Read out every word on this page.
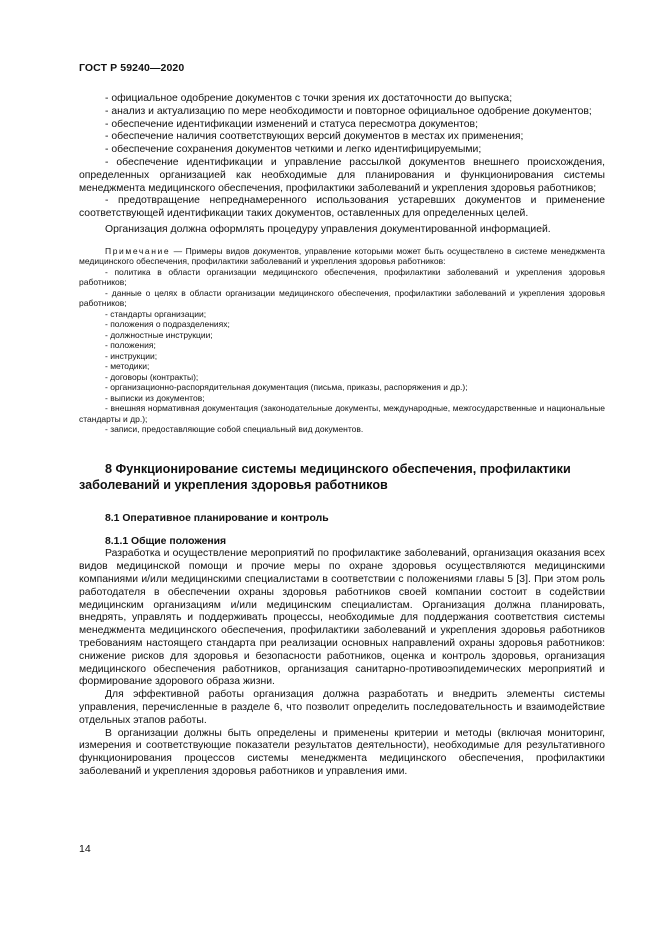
ГОСТ Р 59240—2020

- официальное одобрение документов с точки зрения их достаточности до выпуска;

- анализ и актуализацию по мере необходимости и повторное официальное одобрение документов;

- обеспечение идентификации изменений и статуса пересмотра документов;

- обеспечение наличия соответствующих версий документов в местах их применения;

- обеспечение сохранения документов четкими и легко идентифицируемыми;

- обеспечение идентификации и управление рассылкой документов внешнего происхождения, определенных организацией как необходимые для планирования и функционирования системы менеджмента медицинского обеспечения, профилактики заболеваний и укрепления здоровья работников;

- предотвращение непреднамеренного использования устаревших документов и применение соответствующей идентификации таких документов, оставленных для определенных целей.

Организация должна оформлять процедуру управления документированной информацией.

Примечание — Примеры видов документов, управление которыми может быть осуществлено в системе менеджмента медицинского обеспечения, профилактики заболеваний и укрепления здоровья работников:

- политика в области организации медицинского обеспечения, профилактики заболеваний и укрепления здоровья работников;

- данные о целях в области организации медицинского обеспечения, профилактики заболеваний и укрепления здоровья работников;

- стандарты организации;

- положения о подразделениях;

- должностные инструкции;

- положения;

- инструкции;

- методики;

- договоры (контракты);

- организационно-распорядительная документация (письма, приказы, распоряжения и др.);

- выписки из документов;

- внешняя нормативная документация (законодательные документы, международные, межгосударственные и национальные стандарты и др.);

- записи, предоставляющие собой специальный вид документов.

8 Функционирование системы медицинского обеспечения, профилактики заболеваний и укрепления здоровья работников
8.1 Оперативное планирование и контроль
8.1.1 Общие положения

Разработка и осуществление мероприятий по профилактике заболеваний, организация оказания всех видов медицинской помощи и прочие меры по охране здоровья осуществляются медицинскими компаниями и/или медицинскими специалистами в соответствии с положениями главы 5 [3]. При этом роль работодателя в обеспечении охраны здоровья работников своей компании состоит в содействии медицинским организациям и/или медицинским специалистам. Организация должна планировать, внедрять, управлять и поддерживать процессы, необходимые для поддержания соответствия системы менеджмента медицинского обеспечения, профилактики заболеваний и укрепления здоровья работников требованиям настоящего стандарта при реализации основных направлений охраны здоровья работников: снижение рисков для здоровья и безопасности работников, оценка и контроль здоровья, организация медицинского обеспечения работников, организация санитарно-противоэпидемических мероприятий и формирование здорового образа жизни.

Для эффективной работы организация должна разработать и внедрить элементы системы управления, перечисленные в разделе 6, что позволит определить последовательность и взаимодействие отдельных этапов работы.

В организации должны быть определены и применены критерии и методы (включая мониторинг, измерения и соответствующие показатели результатов деятельности), необходимые для результативного функционирования процессов системы менеджмента медицинского обеспечения, профилактики заболеваний и укрепления здоровья работников и управления ими.

14
